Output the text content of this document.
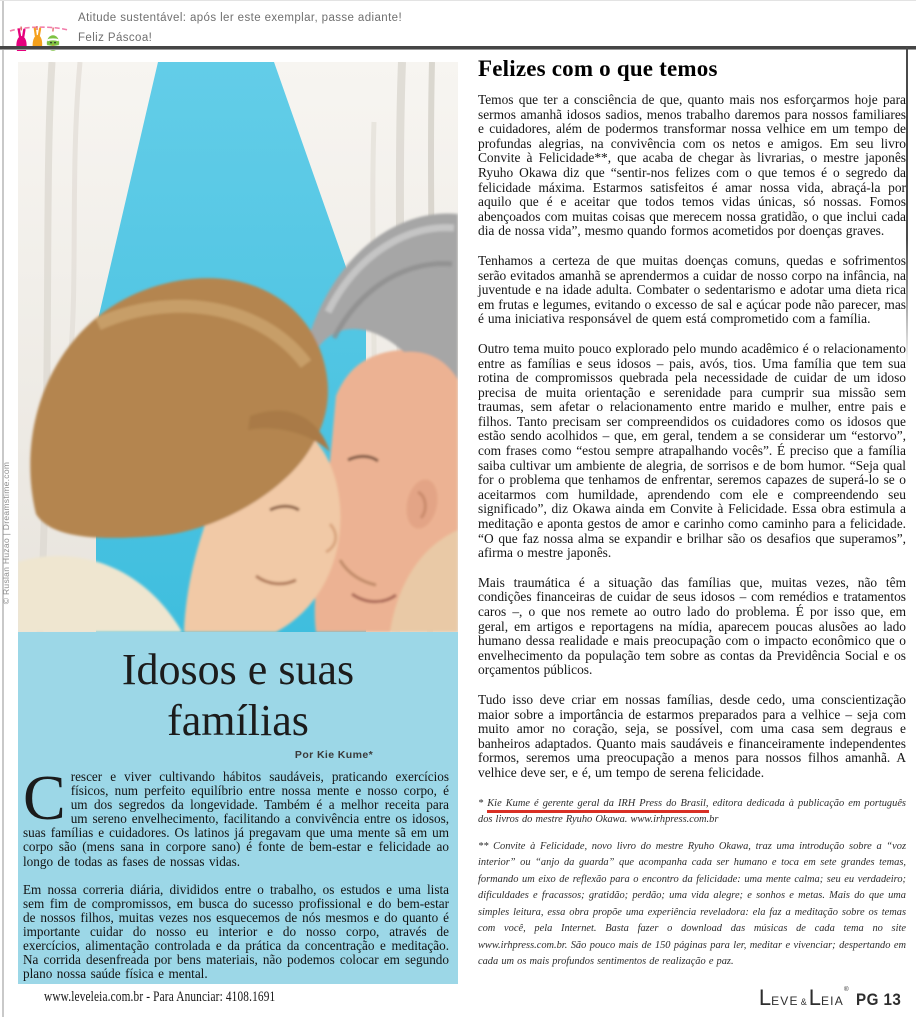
Atitude sustentável: após ler este exemplar, passe adiante!
Feliz Páscoa!
© Ruslan Huzao | Dreamstime.com
Idosos e suas famílias
Por Kie Kume*

Crescer e viver cultivando hábitos saudáveis, praticando exercícios físicos, num perfeito equilíbrio entre nossa mente e nosso corpo, é um dos segredos da longevidade. Também é a melhor receita para um sereno envelhecimento, facilitando a convivência entre os idosos, suas famílias e cuidadores. Os latinos já pregavam que uma mente sã em um corpo são (mens sana in corpore sano) é fonte de bem-estar e felicidade ao longo de todas as fases de nossas vidas.

Em nossa correria diária, divididos entre o trabalho, os estudos e uma lista sem fim de compromissos, em busca do sucesso profissional e do bem-estar de nossos filhos, muitas vezes nos esquecemos de nós mesmos e do quanto é importante cuidar do nosso eu interior e do nosso corpo, através de exercícios, alimentação controlada e da prática da concentração e meditação. Na corrida desenfreada por bens materiais, não podemos colocar em segundo plano nossa saúde física e mental.

Felizes com o que temos

Temos que ter a consciência de que, quanto mais nos esforçarmos hoje para sermos amanhã idosos sadios, menos trabalho daremos para nossos familiares e cuidadores, além de podermos transformar nossa velhice em um tempo de profundas alegrias, na convivência com os netos e amigos. Em seu livro Convite à Felicidade**, que acaba de chegar às livrarias, o mestre japonês Ryuho Okawa diz que “sentir-nos felizes com o que temos é o segredo da felicidade máxima. Estarmos satisfeitos é amar nossa vida, abraçá-la por aquilo que é e aceitar que todos temos vidas únicas, só nossas. Fomos abençoados com muitas coisas que merecem nossa gratidão, o que inclui cada dia de nossa vida”, mesmo quando formos acometidos por doenças graves.

Tenhamos a certeza de que muitas doenças comuns, quedas e sofrimentos serão evitados amanhã se aprendermos a cuidar de nosso corpo na infância, na juventude e na idade adulta. Combater o sedentarismo e adotar uma dieta rica em frutas e legumes, evitando o excesso de sal e açúcar pode não parecer, mas é uma iniciativa responsável de quem está comprometido com a família.

Outro tema muito pouco explorado pelo mundo acadêmico é o relacionamento entre as famílias e seus idosos – pais, avós, tios. Uma família que tem sua rotina de compromissos quebrada pela necessidade de cuidar de um idoso precisa de muita orientação e serenidade para cumprir sua missão sem traumas, sem afetar o relacionamento entre marido e mulher, entre pais e filhos. Tanto precisam ser compreendidos os cuidadores como os idosos que estão sendo acolhidos – que, em geral, tendem a se considerar um “estorvo”, com frases como “estou sempre atrapalhando vocês”. É preciso que a família saiba cultivar um ambiente de alegria, de sorrisos e de bom humor. “Seja qual for o problema que tenhamos de enfrentar, seremos capazes de superá-lo se o aceitarmos com humildade, aprendendo com ele e compreendendo seu significado”, diz Okawa ainda em Convite à Felicidade. Essa obra estimula a meditação e aponta gestos de amor e carinho como caminho para a felicidade. “O que faz nossa alma se expandir e brilhar são os desafios que superamos”, afirma o mestre japonês.

Mais traumática é a situação das famílias que, muitas vezes, não têm condições financeiras de cuidar de seus idosos – com remédios e tratamentos caros –, o que nos remete ao outro lado do problema. É por isso que, em geral, em artigos e reportagens na mídia, aparecem poucas alusões ao lado humano dessa realidade e mais preocupação com o impacto econômico que o envelhecimento da população tem sobre as contas da Previdência Social e os orçamentos públicos.

Tudo isso deve criar em nossas famílias, desde cedo, uma conscientização maior sobre a importância de estarmos preparados para a velhice – seja com muito amor no coração, seja, se possível, com uma casa sem degraus e banheiros adaptados. Quanto mais saudáveis e financeiramente independentes formos, seremos uma preocupação a menos para nossos filhos amanhã. A velhice deve ser, e é, um tempo de serena felicidade.

* Kie Kume é gerente geral da IRH Press do Brasil, editora dedicada à publicação em português dos livros do mestre Ryuho Okawa. www.irhpress.com.br

** Convite à Felicidade, novo livro do mestre Ryuho Okawa, traz uma introdução sobre a “voz interior” ou “anjo da guarda” que acompanha cada ser humano e toca em sete grandes temas, formando um eixo de reflexão para o encontro da felicidade: uma mente calma; seu eu verdadeiro; dificuldades e fracassos; gratidão; perdão; uma vida alegre; e sonhos e metas. Mais do que uma simples leitura, essa obra propõe uma experiência reveladora: ela faz a meditação sobre os temas com você, pela Internet. Basta fazer o download das músicas de cada tema no site www.irhpress.com.br. São pouco mais de 150 páginas para ler, meditar e vivenciar; despertando em cada um os mais profundos sentimentos de realização e paz.

www.leveleia.com.br - Para Anunciar: 4108.1691	LEVE &LEIA®PG 13
